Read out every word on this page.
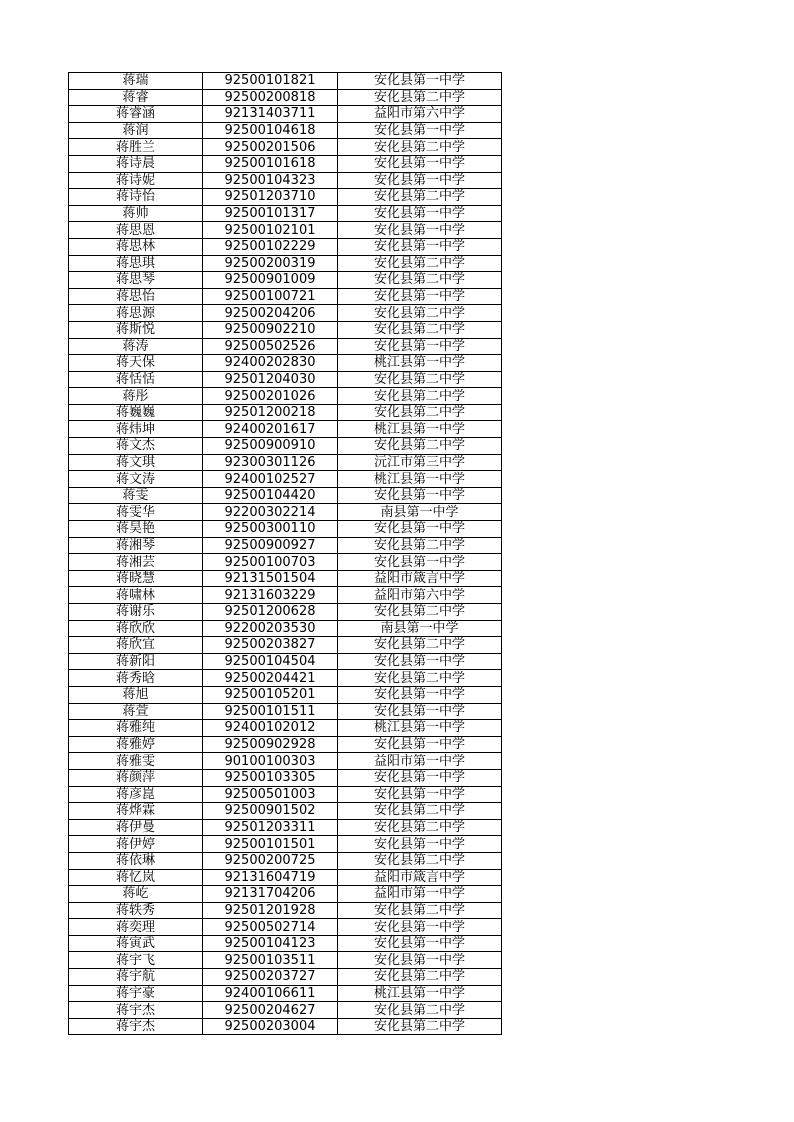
蒋瑞	92500101821	安化县第一中学
蒋睿	92500200818	安化县第二中学
蒋睿涵	92131403711	益阳市第六中学
蒋润	92500104618	安化县第一中学
蒋胜兰	92500201506	安化县第二中学
蒋诗晨	92500101618	安化县第一中学
蒋诗妮	92500104323	安化县第一中学
蒋诗怡	92501203710	安化县第二中学
蒋帅	92500101317	安化县第一中学
蒋思恩	92500102101	安化县第一中学
蒋思林	92500102229	安化县第一中学
蒋思琪	92500200319	安化县第二中学
蒋思琴	92500901009	安化县第二中学
蒋思怡	92500100721	安化县第一中学
蒋思源	92500204206	安化县第二中学
蒋斯悦	92500902210	安化县第二中学
蒋涛	92500502526	安化县第一中学
蒋天保	92400202830	桃江县第一中学
蒋恬恬	92501204030	安化县第二中学
蒋彤	92500201026	安化县第二中学
蒋巍巍	92501200218	安化县第二中学
蒋炜坤	92400201617	桃江县第一中学
蒋文杰	92500900910	安化县第二中学
蒋文琪	92300301126	沅江市第三中学
蒋文涛	92400102527	桃江县第一中学
蒋雯	92500104420	安化县第一中学
蒋雯华	92200302214	南县第一中学
蒋昊艳	92500300110	安化县第一中学
蒋湘琴	92500900927	安化县第二中学
蒋湘芸	92500100703	安化县第一中学
蒋晓慧	92131501504	益阳市箴言中学
蒋啸林	92131603229	益阳市第六中学
蒋谢乐	92501200628	安化县第二中学
蒋欣欣	92200203530	南县第一中学
蒋欣宜	92500203827	安化县第二中学
蒋新阳	92500104504	安化县第一中学
蒋秀晗	92500204421	安化县第二中学
蒋旭	92500105201	安化县第一中学
蒋萱	92500101511	安化县第一中学
蒋雅纯	92400102012	桃江县第一中学
蒋雅婷	92500902928	安化县第一中学
蒋雅雯	90100100303	益阳市第一中学
蒋颜萍	92500103305	安化县第一中学
蒋彦崑	92500501003	安化县第一中学
蒋烨霖	92500901502	安化县第二中学
蒋伊曼	92501203311	安化县第二中学
蒋伊婷	92500101501	安化县第一中学
蒋依琳	92500200725	安化县第二中学
蒋忆岚	92131604719	益阳市箴言中学
蒋屹	92131704206	益阳市第一中学
蒋轶秀	92501201928	安化县第二中学
蒋奕理	92500502714	安化县第一中学
蒋寅武	92500104123	安化县第一中学
蒋宇飞	92500103511	安化县第一中学
蒋宇航	92500203727	安化县第二中学
蒋宇豪	92400106611	桃江县第一中学
蒋宇杰	92500204627	安化县第二中学
蒋宇杰	92500203004	安化县第二中学
